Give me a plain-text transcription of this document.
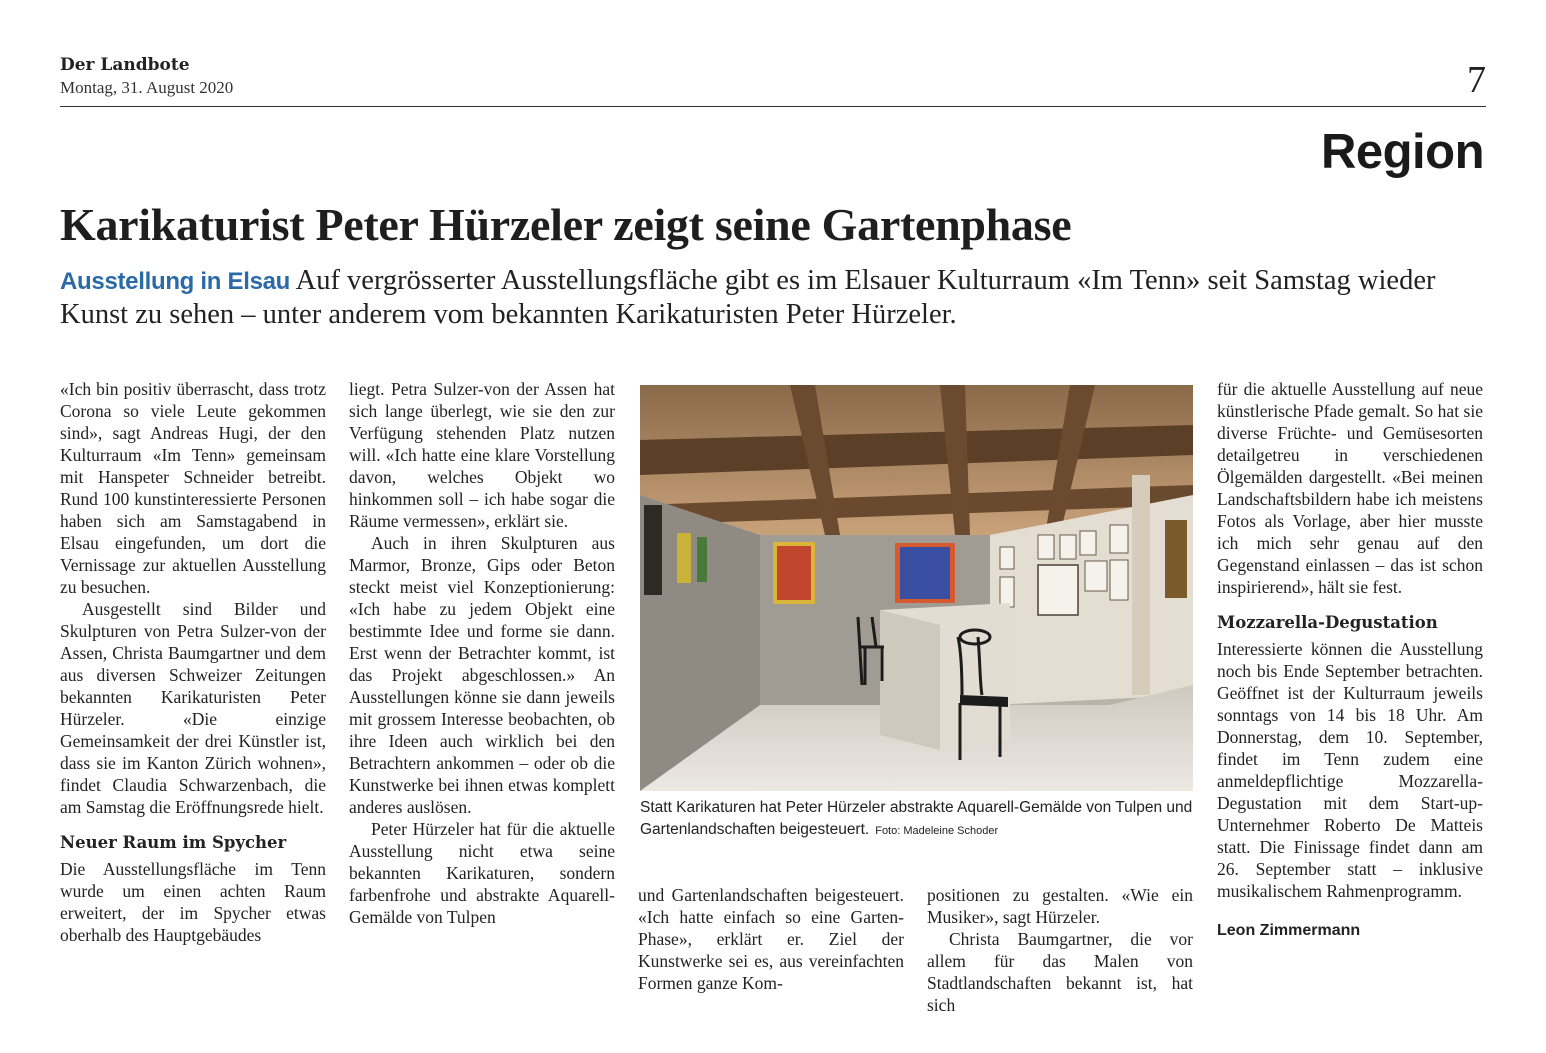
Der Landbote
Montag, 31. August 2020	7
Region
Karikaturist Peter Hürzeler zeigt seine Gartenphase
Ausstellung in Elsau Auf vergrösserter Ausstellungsfläche gibt es im Elsauer Kulturraum «Im Tenn» seit Samstag wieder Kunst zu sehen – unter anderem vom bekannten Karikaturisten Peter Hürzeler.

«Ich bin positiv überrascht, dass trotz Corona so viele Leute gekommen sind», sagt Andreas Hugi, der den Kulturraum «Im Tenn» gemeinsam mit Hanspeter Schneider betreibt. Rund 100 kunstinteressierte Personen haben sich am Samstagabend in Elsau eingefunden, um dort die Vernissage zur aktuellen Ausstellung zu besuchen.

Ausgestellt sind Bilder und Skulpturen von Petra Sulzer-von der Assen, Christa Baumgartner und dem aus diversen Schweizer Zeitungen bekannten Karikaturisten Peter Hürzeler. «Die einzige Gemeinsamkeit der drei Künstler ist, dass sie im Kanton Zürich wohnen», findet Claudia Schwarzenbach, die am Samstag die Eröffnungsrede hielt.

Neuer Raum im Spycher

Die Ausstellungsfläche im Tenn wurde um einen achten Raum erweitert, der im Spycher etwas oberhalb des Hauptgebäudes

liegt. Petra Sulzer-von der Assen hat sich lange überlegt, wie sie den zur Verfügung stehenden Platz nutzen will. «Ich hatte eine klare Vorstellung davon, welches Objekt wo hinkommen soll – ich habe sogar die Räume vermessen», erklärt sie.

Auch in ihren Skulpturen aus Marmor, Bronze, Gips oder Beton steckt meist viel Konzeptionierung: «Ich habe zu jedem Objekt eine bestimmte Idee und forme sie dann. Erst wenn der Betrachter kommt, ist das Projekt abgeschlossen.» An Ausstellungen könne sie dann jeweils mit grossem Interesse beobachten, ob ihre Ideen auch wirklich bei den Betrachtern ankommen – oder ob die Kunstwerke bei ihnen etwas komplett anderes auslösen.

Peter Hürzeler hat für die aktuelle Ausstellung nicht etwa seine bekannten Karikaturen, sondern farbenfrohe und abstrakte Aquarell-Gemälde von Tulpen

Statt Karikaturen hat Peter Hürzeler abstrakte Aquarell-Gemälde von Tulpen und Gartenlandschaften beigesteuert. Foto: Madeleine Schoder

und Gartenlandschaften beigesteuert. «Ich hatte einfach so eine Garten-Phase», erklärt er. Ziel der Kunstwerke sei es, aus vereinfachten Formen ganze Kom-

positionen zu gestalten. «Wie ein Musiker», sagt Hürzeler.

Christa Baumgartner, die vor allem für das Malen von Stadtlandschaften bekannt ist, hat sich

für die aktuelle Ausstellung auf neue künstlerische Pfade gemalt. So hat sie diverse Früchte- und Gemüsesorten detailgetreu in verschiedenen Ölgemälden dargestellt. «Bei meinen Landschaftsbildern habe ich meistens Fotos als Vorlage, aber hier musste ich mich sehr genau auf den Gegenstand einlassen – das ist schon inspirierend», hält sie fest.

Mozzarella-Degustation

Interessierte können die Ausstellung noch bis Ende September betrachten. Geöffnet ist der Kulturraum jeweils sonntags von 14 bis 18 Uhr. Am Donnerstag, dem 10. September, findet im Tenn zudem eine anmeldepflichtige Mozzarella-Degustation mit dem Start-up-Unternehmer Roberto De Matteis statt. Die Finissage findet dann am 26. September statt – inklusive musikalischem Rahmenprogramm.

Leon Zimmermann
